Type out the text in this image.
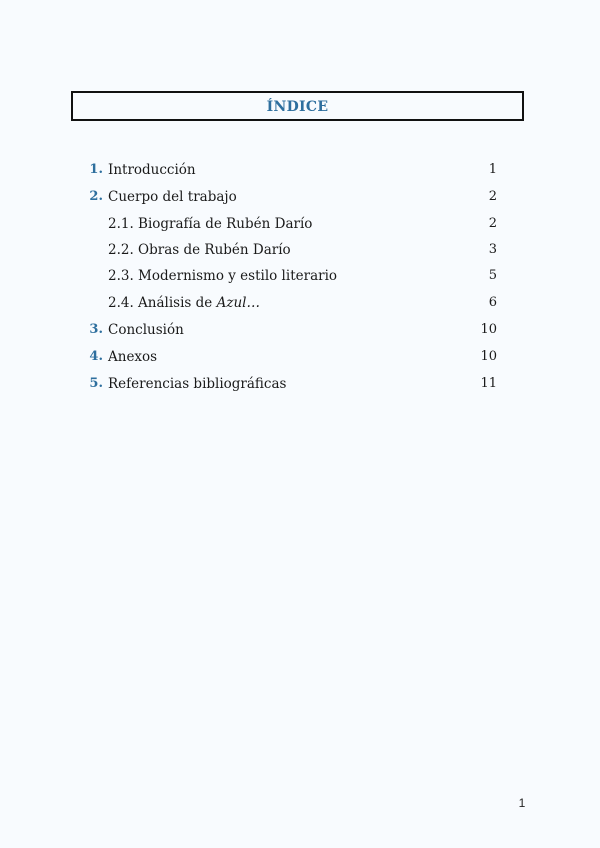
ÍNDICE
1. Introducción	1
2. Cuerpo del trabajo	2
2.1. Biografía de Rubén Darío	2
2.2. Obras de Rubén Darío	3
2.3. Modernismo y estilo literario	5
2.4. Análisis de Azul…	6
3. Conclusión	10
4. Anexos	10
5. Referencias bibliográficas	11
1
